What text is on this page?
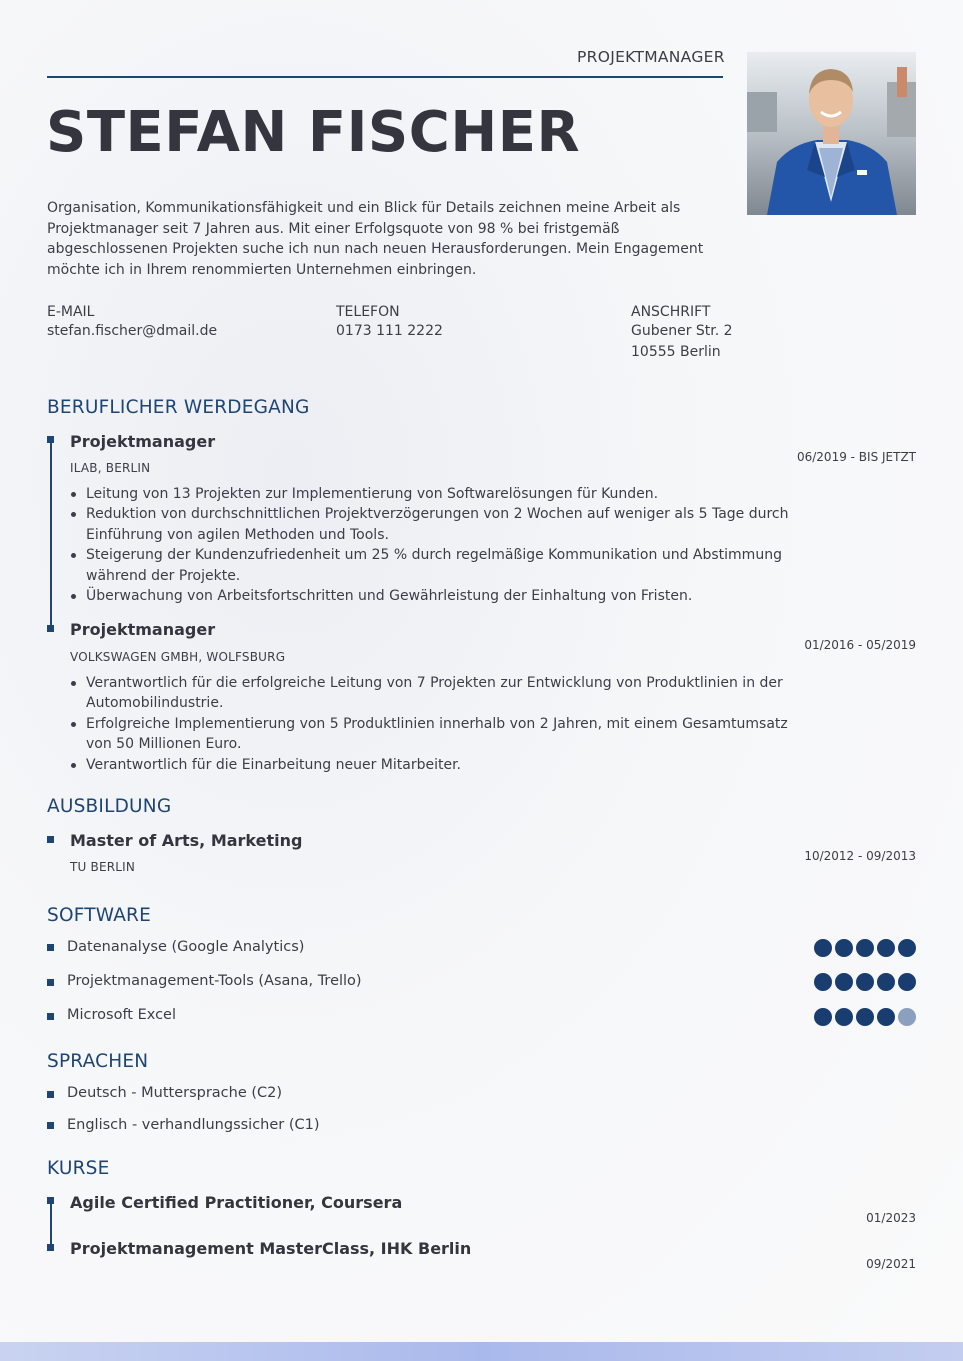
PROJEKTMANAGER
STEFAN FISCHER
Organisation, Kommunikationsfähigkeit und ein Blick für Details zeichnen meine Arbeit als Projektmanager seit 7 Jahren aus. Mit einer Erfolgsquote von 98 % bei fristgemäß abgeschlossenen Projekten suche ich nun nach neuen Herausforderungen. Mein Engagement möchte ich in Ihrem renommierten Unternehmen einbringen.
E-MAIL
stefan.fischer@dmail.de
TELEFON
0173 111 2222
ANSCHRIFT
Gubener Str. 2
10555 Berlin
BERUFLICHER WERDEGANG
Projektmanager
ILAB, BERLIN
06/2019 - BIS JETZT
Leitung von 13 Projekten zur Implementierung von Softwarelösungen für Kunden.
Reduktion von durchschnittlichen Projektverzögerungen von 2 Wochen auf weniger als 5 Tage durch Einführung von agilen Methoden und Tools.
Steigerung der Kundenzufriedenheit um 25 % durch regelmäßige Kommunikation und Abstimmung während der Projekte.
Überwachung von Arbeitsfortschritten und Gewährleistung der Einhaltung von Fristen.
Projektmanager
VOLKSWAGEN GMBH, WOLFSBURG
01/2016 - 05/2019
Verantwortlich für die erfolgreiche Leitung von 7 Projekten zur Entwicklung von Produktlinien in der Automobilindustrie.
Erfolgreiche Implementierung von 5 Produktlinien innerhalb von 2 Jahren, mit einem Gesamtumsatz von 50 Millionen Euro.
Verantwortlich für die Einarbeitung neuer Mitarbeiter.
AUSBILDUNG
Master of Arts, Marketing
TU BERLIN
10/2012 - 09/2013
SOFTWARE
Datenanalyse (Google Analytics)
Projektmanagement-Tools (Asana, Trello)
Microsoft Excel
SPRACHEN
Deutsch - Muttersprache (C2)
Englisch - verhandlungssicher (C1)
KURSE
Agile Certified Practitioner, Coursera
01/2023
Projektmanagement MasterClass, IHK Berlin
09/2021
